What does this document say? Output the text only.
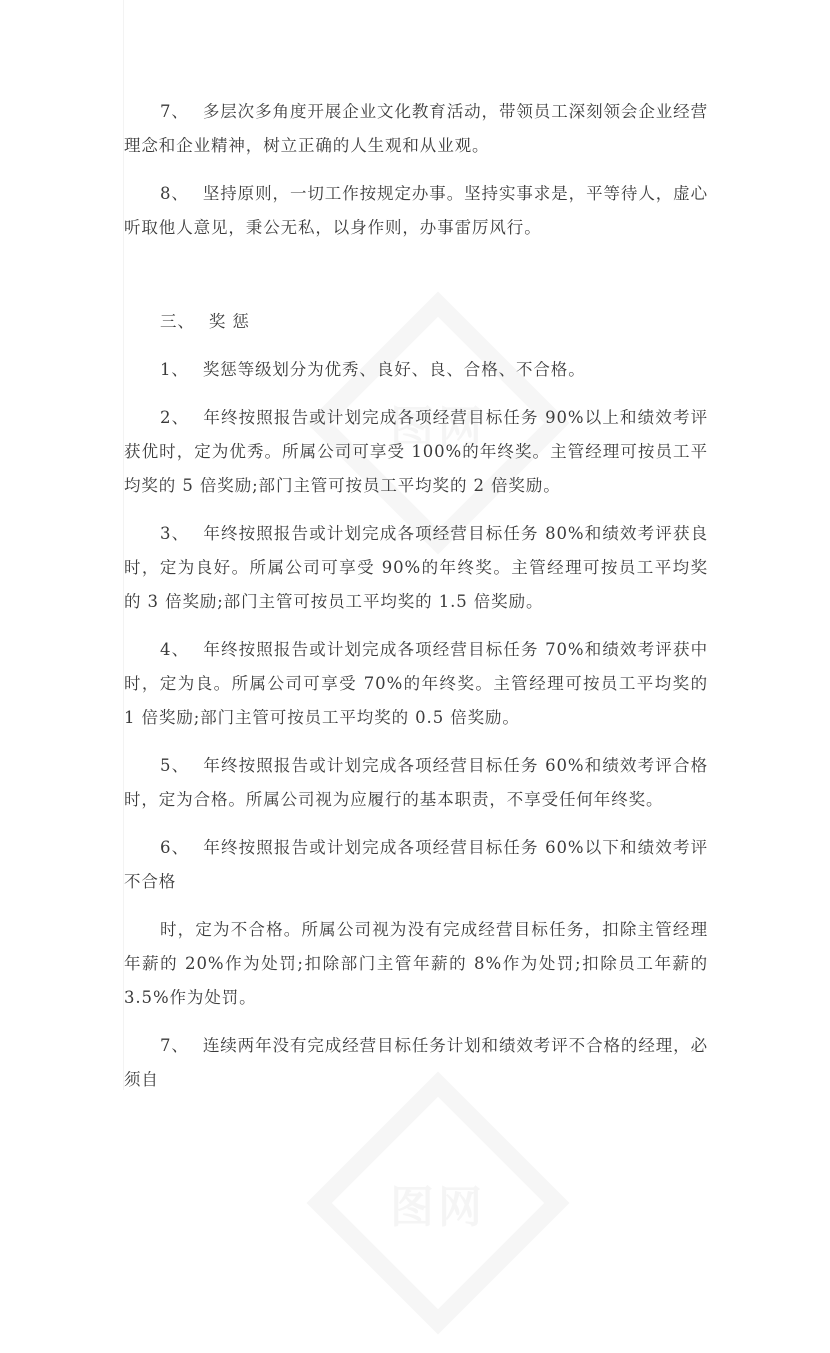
7、 多层次多角度开展企业文化教育活动，带领员工深刻领会企业经营理念和企业精神，树立正确的人生观和从业观。

8、 坚持原则，一切工作按规定办事。坚持实事求是，平等待人，虚心听取他人意见，秉公无私，以身作则，办事雷厉风行。

三、 奖 惩

1、 奖惩等级划分为优秀、良好、良、合格、不合格。

2、 年终按照报告或计划完成各项经营目标任务 90%以上和绩效考评获优时，定为优秀。所属公司可享受 100%的年终奖。主管经理可按员工平均奖的 5 倍奖励;部门主管可按员工平均奖的 2 倍奖励。

3、 年终按照报告或计划完成各项经营目标任务 80%和绩效考评获良时，定为良好。所属公司可享受 90%的年终奖。主管经理可按员工平均奖的 3 倍奖励;部门主管可按员工平均奖的 1.5 倍奖励。

4、 年终按照报告或计划完成各项经营目标任务 70%和绩效考评获中时，定为良。所属公司可享受 70%的年终奖。主管经理可按员工平均奖的 1 倍奖励;部门主管可按员工平均奖的 0.5 倍奖励。

5、 年终按照报告或计划完成各项经营目标任务 60%和绩效考评合格时，定为合格。所属公司视为应履行的基本职责，不享受任何年终奖。

6、 年终按照报告或计划完成各项经营目标任务 60%以下和绩效考评不合格

时，定为不合格。所属公司视为没有完成经营目标任务，扣除主管经理年薪的 20%作为处罚;扣除部门主管年薪的 8%作为处罚;扣除员工年薪的 3.5%作为处罚。

7、 连续两年没有完成经营目标任务计划和绩效考评不合格的经理，必须自
